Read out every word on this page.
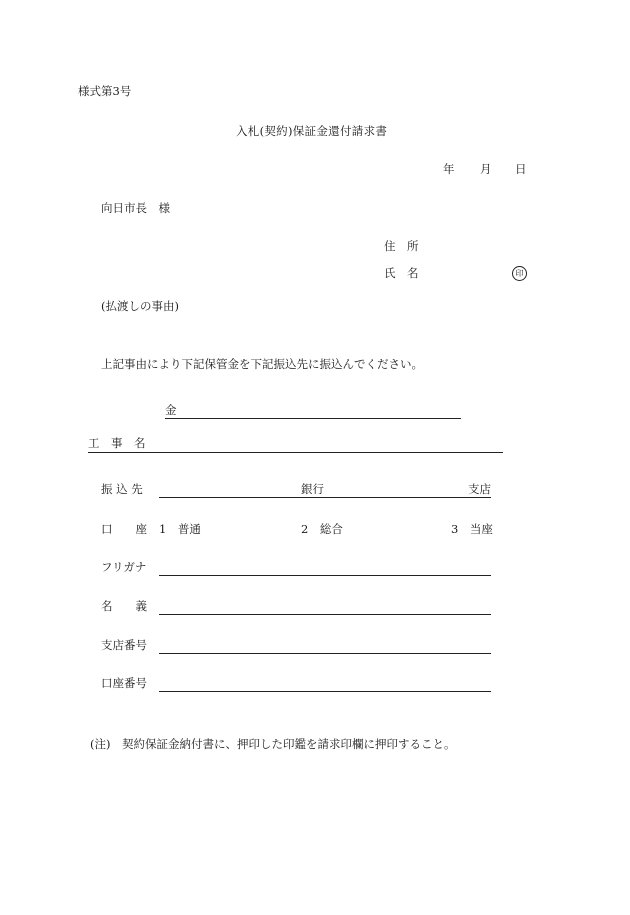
様式第3号
入札(契約)保証金還付請求書
年 月 日
向日市長　様
住　所
氏　名	印
(払渡しの事由)
上記事由により下記保管金を下記振込先に振込んでください。
金
工　事　名
振 込 先	銀行	支店
口　　座 1　普通	2　総合	3　当座
フリガナ
名　　義
支店番号
口座番号
(注)　契約保証金納付書に、押印した印鑑を請求印欄に押印すること。
